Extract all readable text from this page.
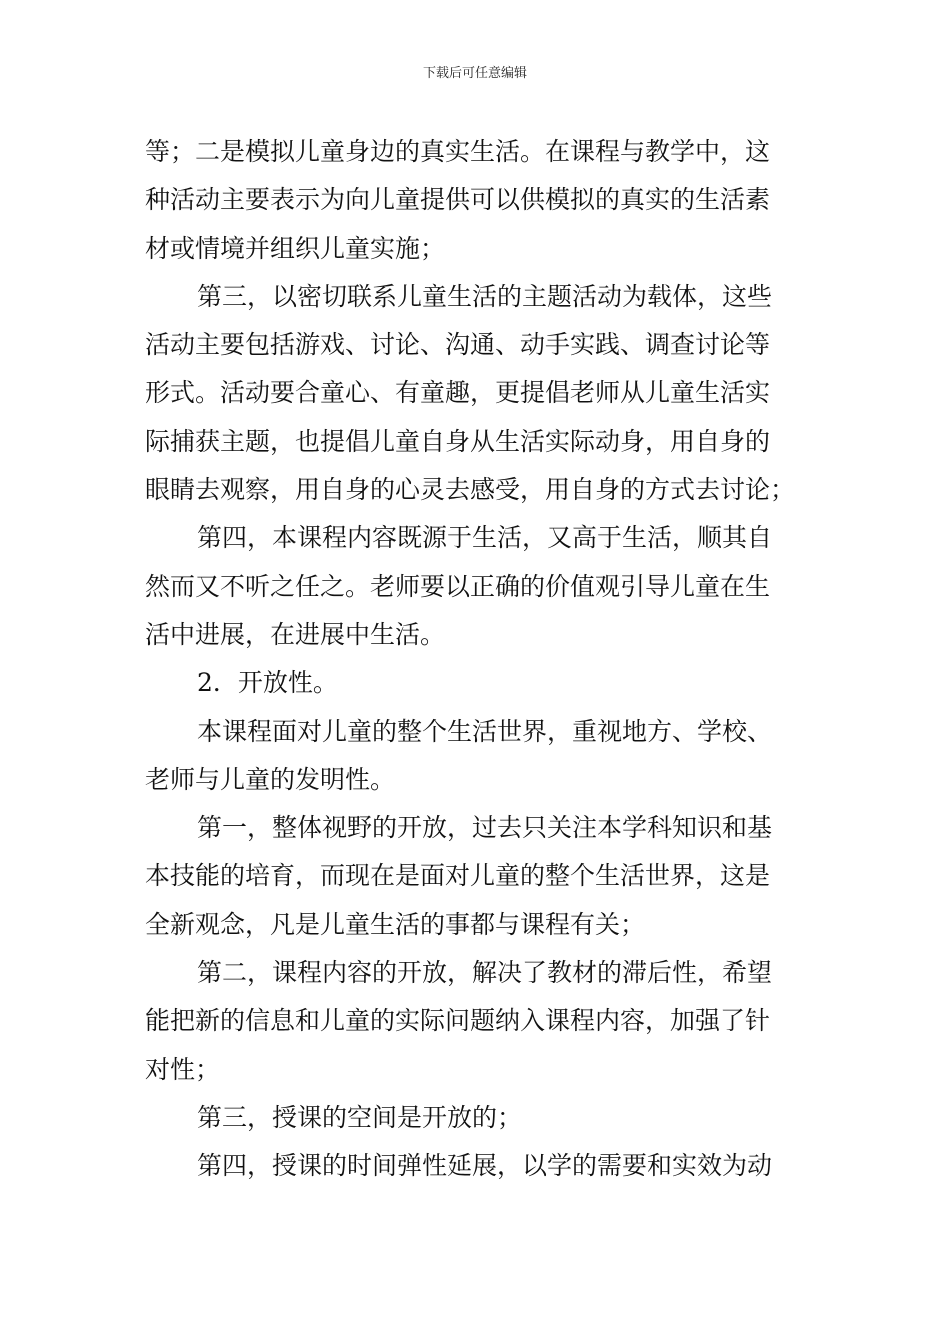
下载后可任意编辑
等；二是模拟儿童身边的真实生活。在课程与教学中，这
种活动主要表示为向儿童提供可以供模拟的真实的生活素
材或情境并组织儿童实施；
第三，以密切联系儿童生活的主题活动为载体，这些
活动主要包括游戏、讨论、沟通、动手实践、调查讨论等
形式。活动要合童心、有童趣，更提倡老师从儿童生活实
际捕获主题，也提倡儿童自身从生活实际动身，用自身的
眼睛去观察，用自身的心灵去感受，用自身的方式去讨论；
第四，本课程内容既源于生活，又高于生活，顺其自
然而又不听之任之。老师要以正确的价值观引导儿童在生
活中进展，在进展中生活。
2．开放性。
本课程面对儿童的整个生活世界，重视地方、学校、
老师与儿童的发明性。
第一，整体视野的开放，过去只关注本学科知识和基
本技能的培育，而现在是面对儿童的整个生活世界，这是
全新观念，凡是儿童生活的事都与课程有关；
第二，课程内容的开放，解决了教材的滞后性，希望
能把新的信息和儿童的实际问题纳入课程内容，加强了针
对性；
第三，授课的空间是开放的；
第四，授课的时间弹性延展，以学的需要和实效为动
